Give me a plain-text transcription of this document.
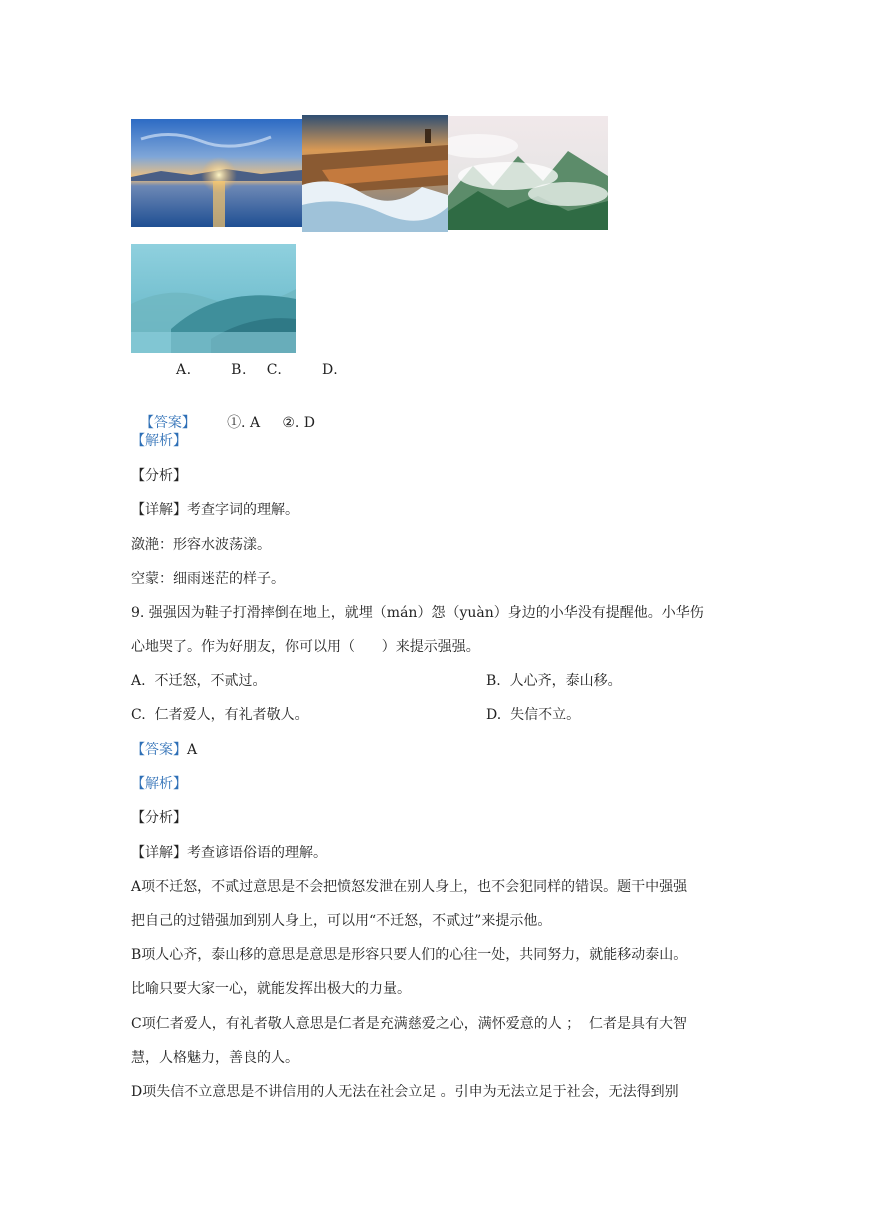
A.        B.    C.        D.

【答案】 ①. A     ②. D

【解析】
【分析】
【详解】考查字词的理解。
潋滟：形容水波荡漾。
空蒙：细雨迷茫的样子。
9. 强强因为鞋子打滑摔倒在地上，就埋（mán）怨（yuàn）身边的小华没有提醒他。小华伤
心地哭了。作为好朋友，你可以用（      ）来提示强强。
A.  不迁怒，不贰过。	B.  人心齐，泰山移。
C.  仁者爱人，有礼者敬人。	D.  失信不立。
【答案】A
【解析】
【分析】
【详解】考查谚语俗语的理解。
A项不迁怒，不贰过意思是不会把愤怒发泄在别人身上，也不会犯同样的错误。题干中强强
把自己的过错强加到别人身上，可以用“不迁怒，不贰过”来提示他。
B项人心齐，泰山移的意思是意思是形容只要人们的心往一处，共同努力，就能移动泰山。
比喻只要大家一心，就能发挥出极大的力量。
C项仁者爱人，有礼者敬人意思是仁者是充满慈爱之心，满怀爱意的人 ；  仁者是具有大智
慧，人格魅力，善良的人。
D项失信不立意思是不讲信用的人无法在社会立足 。引申为无法立足于社会，无法得到别
